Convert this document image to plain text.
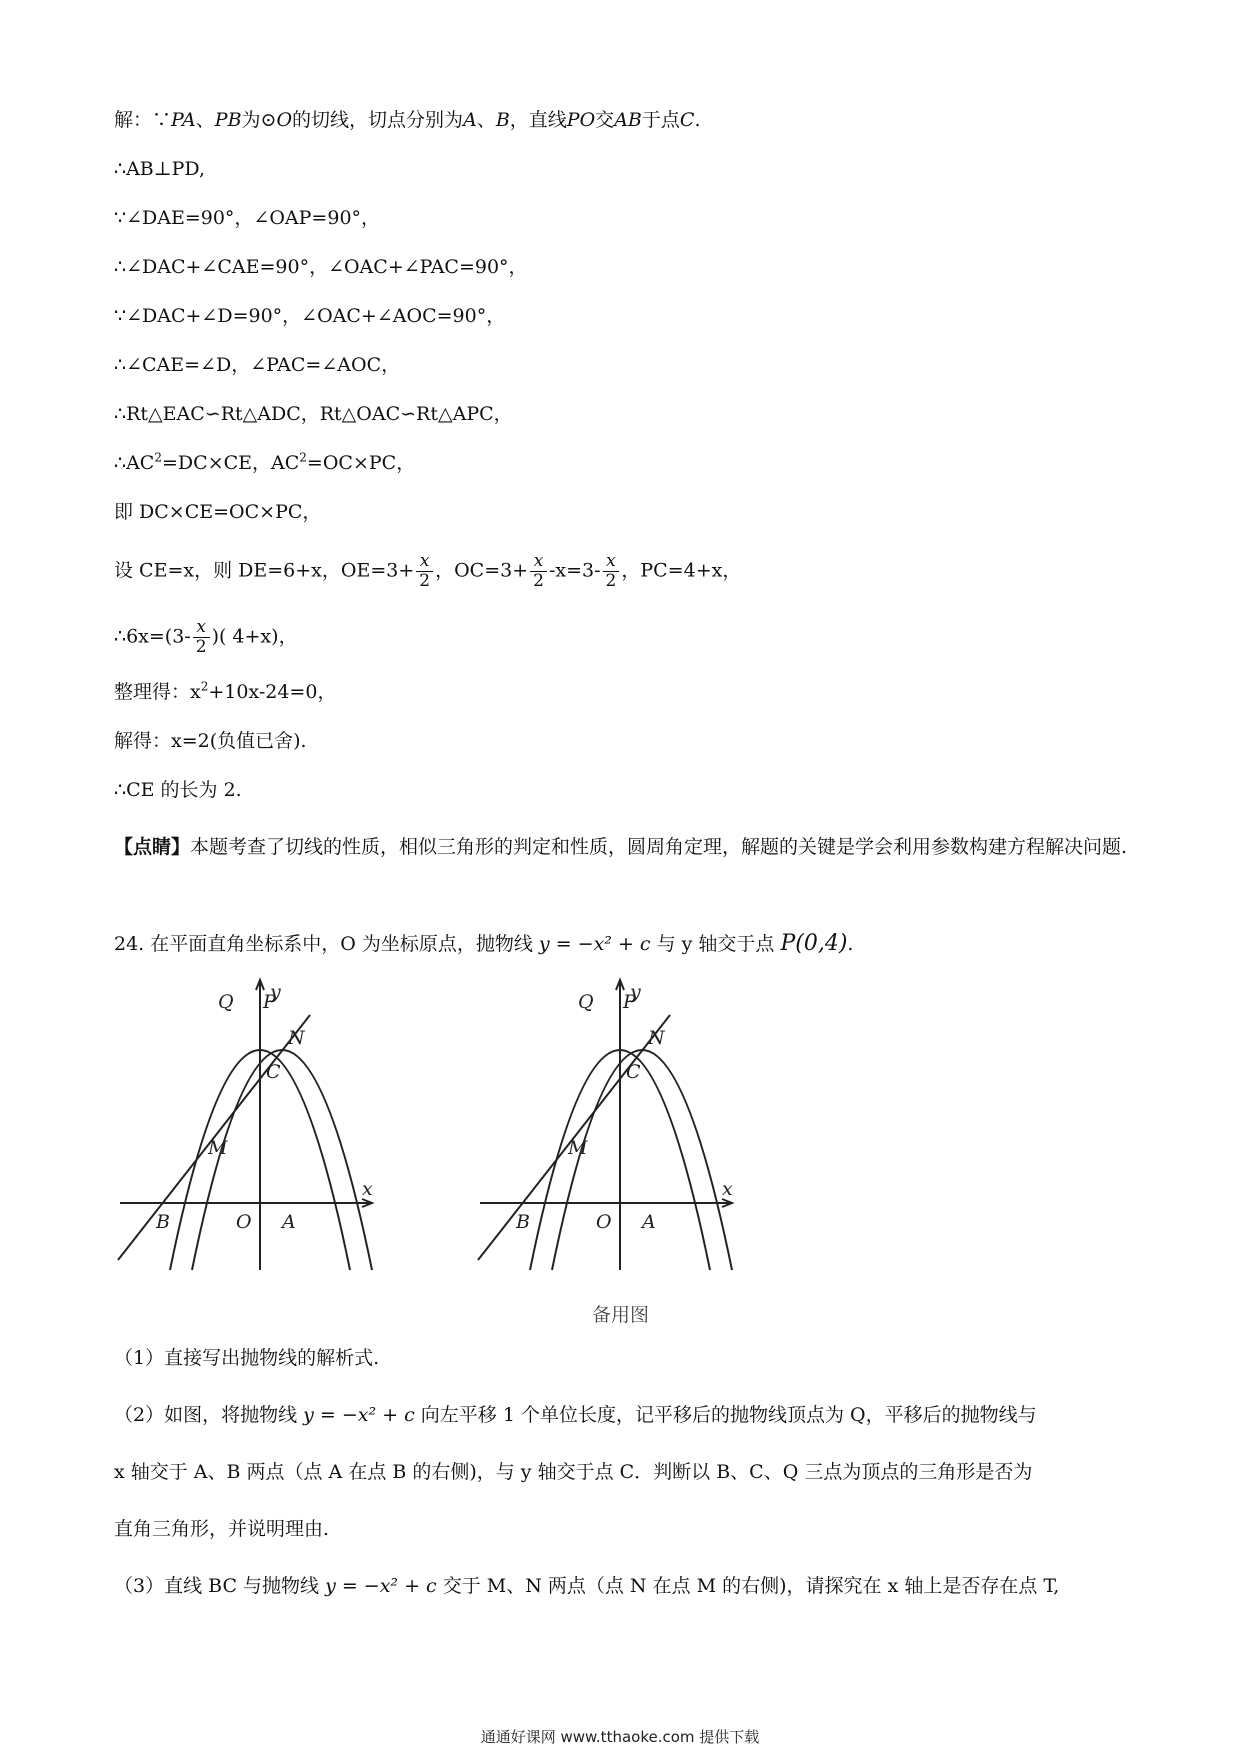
解：∵PA、PB为⊙O的切线，切点分别为A、B，直线PO交AB于点C.
∴AB⊥PD,
∵∠DAE=90°，∠OAP=90°，
∴∠DAC+∠CAE=90°，∠OAC+∠PAC=90°，
∵∠DAC+∠D=90°，∠OAC+∠AOC=90°，
∴∠CAE=∠D，∠PAC=∠AOC，
∴Rt△EAC∽Rt△ADC，Rt△OAC∽Rt△APC，
$\therefore AC^2=DC\times CE$，$AC^2=OC\times PC$，
即 DC×CE=OC×PC，
设 CE=x，则 DE=6+x，$OE=3+ \frac{x}{2}$ ，$OC=3+ \frac{x}{2} -x=3- \frac{x}{2}$ ，PC=4+x，
∴6x=(3- $\frac{x}{2}$ )( 4+x)，
整理得：$x^2+10x-24=0$，
解得：x=2(负值已舍).
∴CE 的长为 2.
【点睛】本题考查了切线的性质，相似三角形的判定和性质，圆周角定理，解题的关键是学会利用参数构建方程解决问题.
24. 在平面直角坐标系中，O 为坐标原点，抛物线 y = −x² + c 与 y 轴交于点 P(0,4).
y
x
Q P
N
C
M
B	O A
y
x
Q P
N
C
M
B	O A
备用图
（1）直接写出抛物线的解析式.
（2）如图，将抛物线 y = −x² + c 向左平移 1 个单位长度，记平移后的抛物线顶点为 Q，平移后的抛物线与
x 轴交于 A、B 两点（点 A 在点 B 的右侧)，与 y 轴交于点 C．判断以 B、C、Q 三点为顶点的三角形是否为
直角三角形，并说明理由.
（3）直线 BC 与抛物线 y = −x² + c 交于 M、N 两点（点 N 在点 M 的右侧)，请探究在 x 轴上是否存在点 T,
通通好课网 www.tthaoke.com 提供下载
